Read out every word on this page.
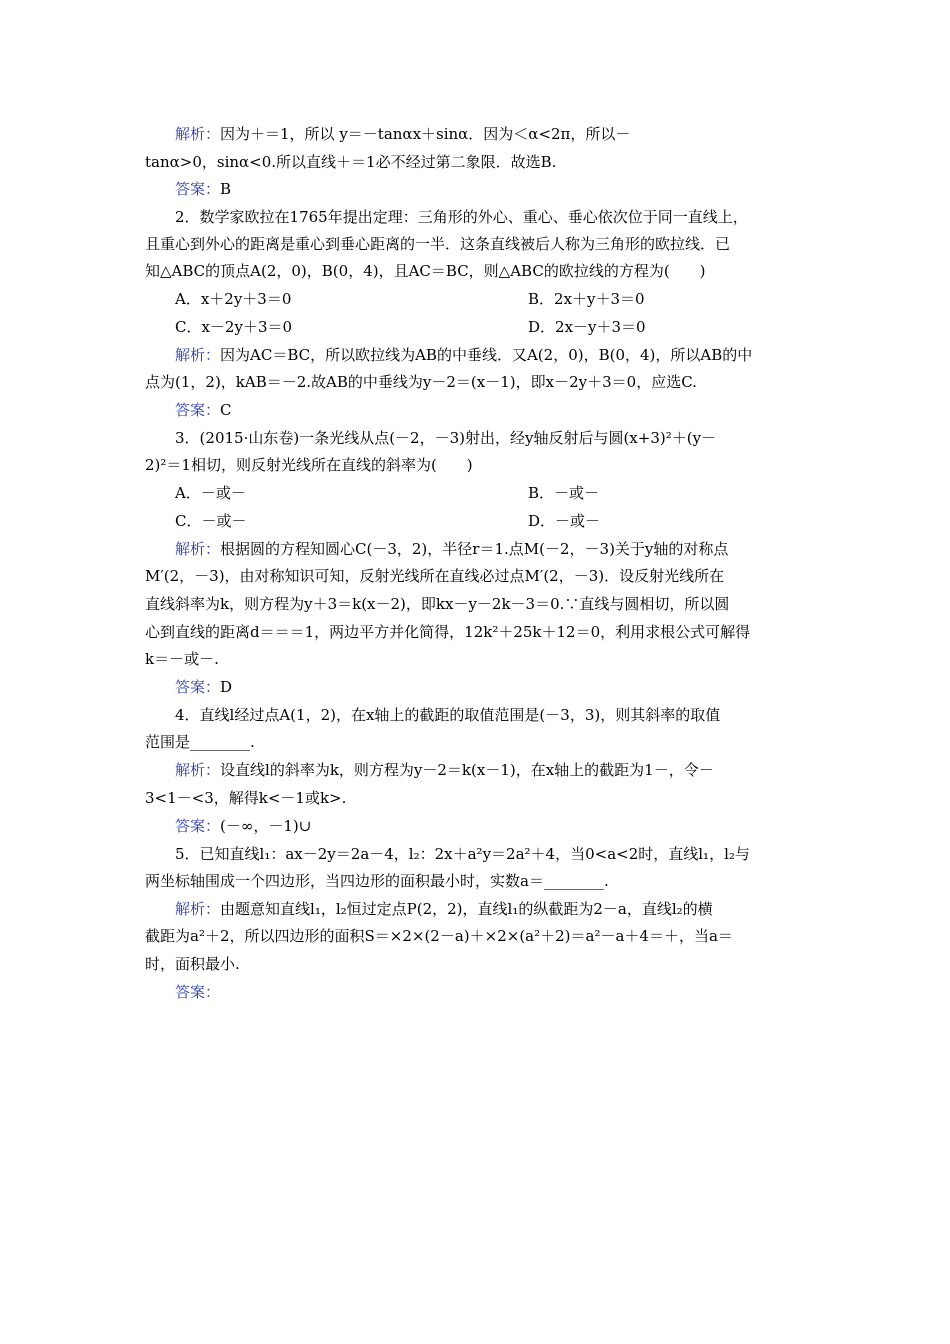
解析：因为＋＝1，所以 y＝－tanαx＋sinα．因为＜α<2π，所以－
tanα>0，sinα<0.所以直线＋＝1必不经过第二象限．故选B.
答案：B
2．数学家欧拉在1765年提出定理：三角形的外心、重心、垂心依次位于同一直线上，
且重心到外心的距离是重心到垂心距离的一半．这条直线被后人称为三角形的欧拉线．已
知△ABC的顶点A(2，0)，B(0，4)，且AC＝BC，则△ABC的欧拉线的方程为(　　)
A．x＋2y＋3＝0	B．2x＋y＋3＝0
C．x－2y＋3＝0	D．2x－y＋3＝0
解析：因为AC＝BC，所以欧拉线为AB的中垂线．又A(2，0)，B(0，4)，所以AB的中
点为(1，2)，kAB＝－2.故AB的中垂线为y－2＝(x－1)，即x－2y＋3＝0，应选C.
答案：C
3．(2015·山东卷)一条光线从点(－2，－3)射出，经y轴反射后与圆(x+3)²＋(y－
2)²＝1相切，则反射光线所在直线的斜率为(　　)
A．－或－	B．－或－
C．－或－	D．－或－
解析：根据圆的方程知圆心C(－3，2)，半径r＝1.点M(－2，－3)关于y轴的对称点
M′(2，－3)，由对称知识可知，反射光线所在直线必过点M′(2，－3)．设反射光线所在
直线斜率为k，则方程为y＋3＝k(x－2)，即kx－y－2k－3＝0.∵直线与圆相切，所以圆
心到直线的距离d＝＝＝1，两边平方并化简得，12k²＋25k＋12＝0，利用求根公式可解得
k＝－或－.
答案：D
4．直线l经过点A(1，2)，在x轴上的截距的取值范围是(－3，3)，则其斜率的取值
范围是________.
解析：设直线l的斜率为k，则方程为y－2＝k(x－1)，在x轴上的截距为1－，令－
3<1－<3，解得k<－1或k>.
答案：(－∞，－1)∪
5．已知直线l₁：ax－2y＝2a－4，l₂：2x＋a²y＝2a²＋4，当0<a<2时，直线l₁，l₂与
两坐标轴围成一个四边形，当四边形的面积最小时，实数a＝________.
解析：由题意知直线l₁，l₂恒过定点P(2，2)，直线l₁的纵截距为2－a，直线l₂的横
截距为a²＋2，所以四边形的面积S＝×2×(2－a)＋×2×(a²＋2)＝a²－a＋4＝＋，当a＝
时，面积最小.
答案：
